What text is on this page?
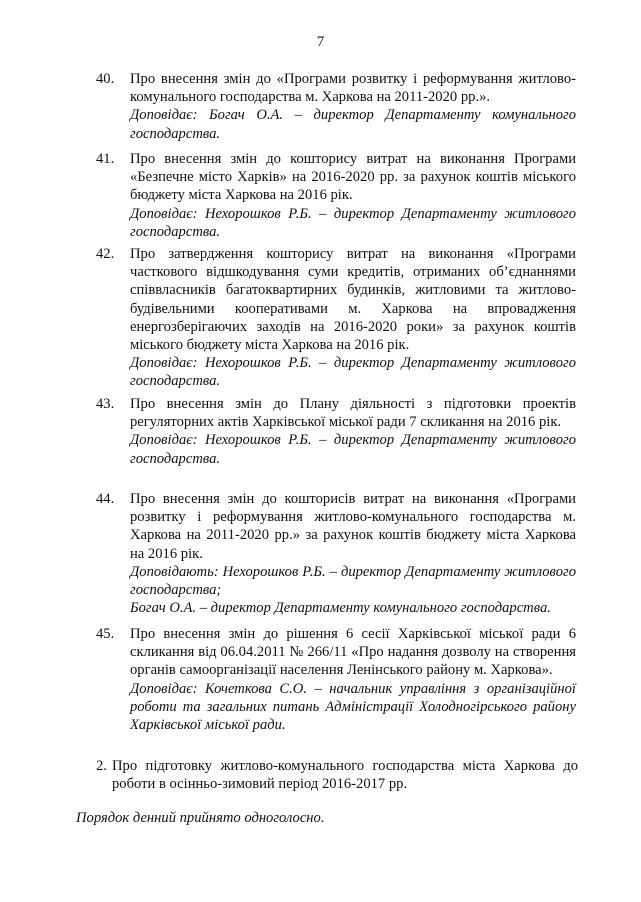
7
40. Про внесення змін до «Програми розвитку і реформування житлово-комунального господарства м. Харкова на 2011-2020 рр.».

Доповідає: Богач О.А. – директор Департаменту комунального господарства.

41. Про внесення змін до кошторису витрат на виконання Програми «Безпечне місто Харків» на 2016-2020 рр. за рахунок коштів міського бюджету міста Харкова на 2016 рік.

Доповідає: Нехорошков Р.Б. – директор Департаменту житлового господарства.

42. Про затвердження кошторису витрат на виконання «Програми часткового відшкодування суми кредитів, отриманих об’єднаннями співвласників багатоквартирних будинків, житловими та житлово-будівельними кооперативами м. Харкова на впровадження енергозберігаючих заходів на 2016-2020 роки» за рахунок коштів міського бюджету міста Харкова на 2016 рік.

Доповідає: Нехорошков Р.Б. – директор Департаменту житлового господарства.

43. Про внесення змін до Плану діяльності з підготовки проектів регуляторних актів Харківської міської ради 7 скликання на 2016 рік.

Доповідає: Нехорошков Р.Б. – директор Департаменту житлового господарства.

44. Про внесення змін до кошторисів витрат на виконання «Програми розвитку і реформування житлово-комунального господарства м. Харкова на 2011-2020 рр.» за рахунок коштів бюджету міста Харкова на 2016 рік.

Доповідають: Нехорошков Р.Б. – директор Департаменту житлового господарства;

Богач О.А. – директор Департаменту комунального господарства.

45. Про внесення змін до рішення 6 сесії Харківської міської ради 6 скликання від 06.04.2011 № 266/11 «Про надання дозволу на створення органів самоорганізації населення Ленінського району м. Харкова».

Доповідає: Кочеткова С.О. – начальник управління з організаційної роботи та загальних питань Адміністрації Холодногірського району Харківської міської ради.

2. Про підготовку житлово-комунального господарства міста Харкова до роботи в осінньо-зимовий період 2016-2017 рр.
Порядок денний прийнято одноголосно.
